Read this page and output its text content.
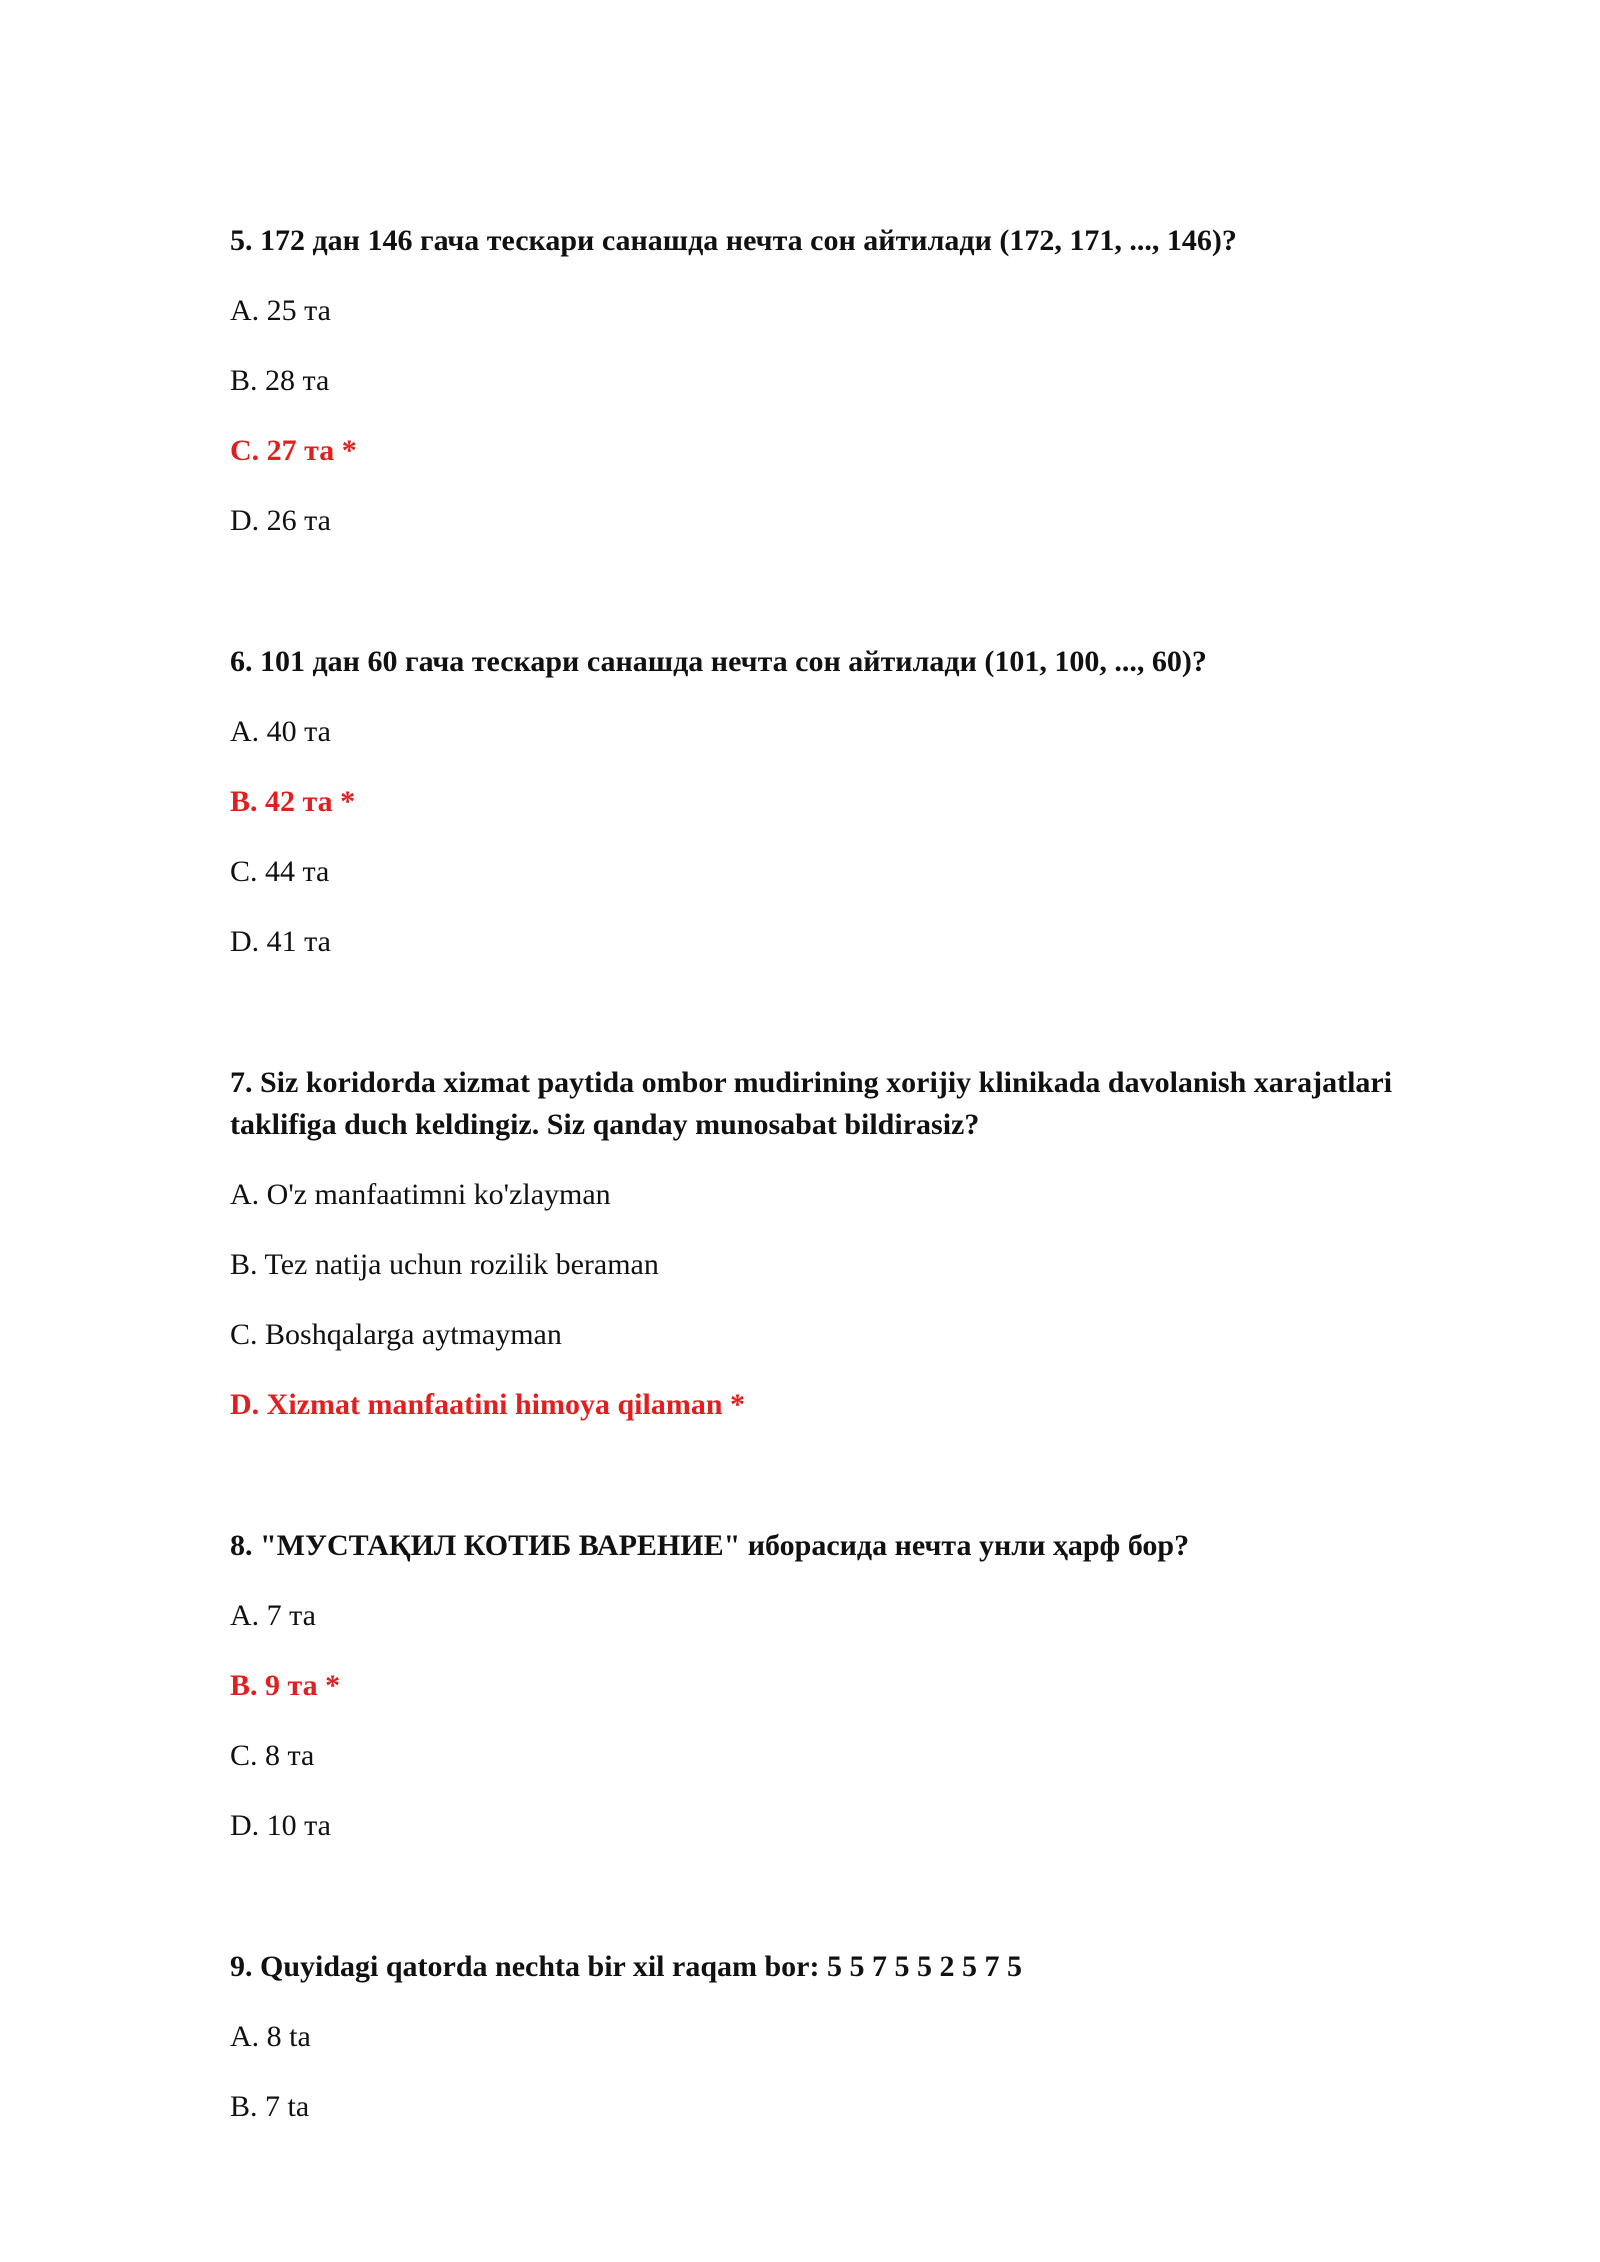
5. 172 дан 146 гача тескари санашда нечта сон айтилади (172, 171, ..., 146)?
A. 25 та
B. 28 та
C. 27 та *
D. 26 та
6. 101 дан 60 гача тескари санашда нечта сон айтилади (101, 100, ..., 60)?
A. 40 та
B. 42 та *
C. 44 та
D. 41 та
7. Siz koridorda xizmat paytida ombor mudirining xorijiy klinikada davolanish xarajatlari taklifiga duch keldingiz. Siz qanday munosabat bildirasiz?
A. O'z manfaatimni ko'zlayman
B. Tez natija uchun rozilik beraman
C. Boshqalarga aytmayman
D. Xizmat manfaatini himoya qilaman *
8. "МУСТАҚИЛ КОТИБ ВАРЕНИЕ" иборасида нечта унли ҳарф бор?
A. 7 та
B. 9 та *
C. 8 та
D. 10 та
9. Quyidagi qatorda nechta bir xil raqam bor: 5 5 7 5 5 2 5 7 5
A. 8 ta
B. 7 ta
